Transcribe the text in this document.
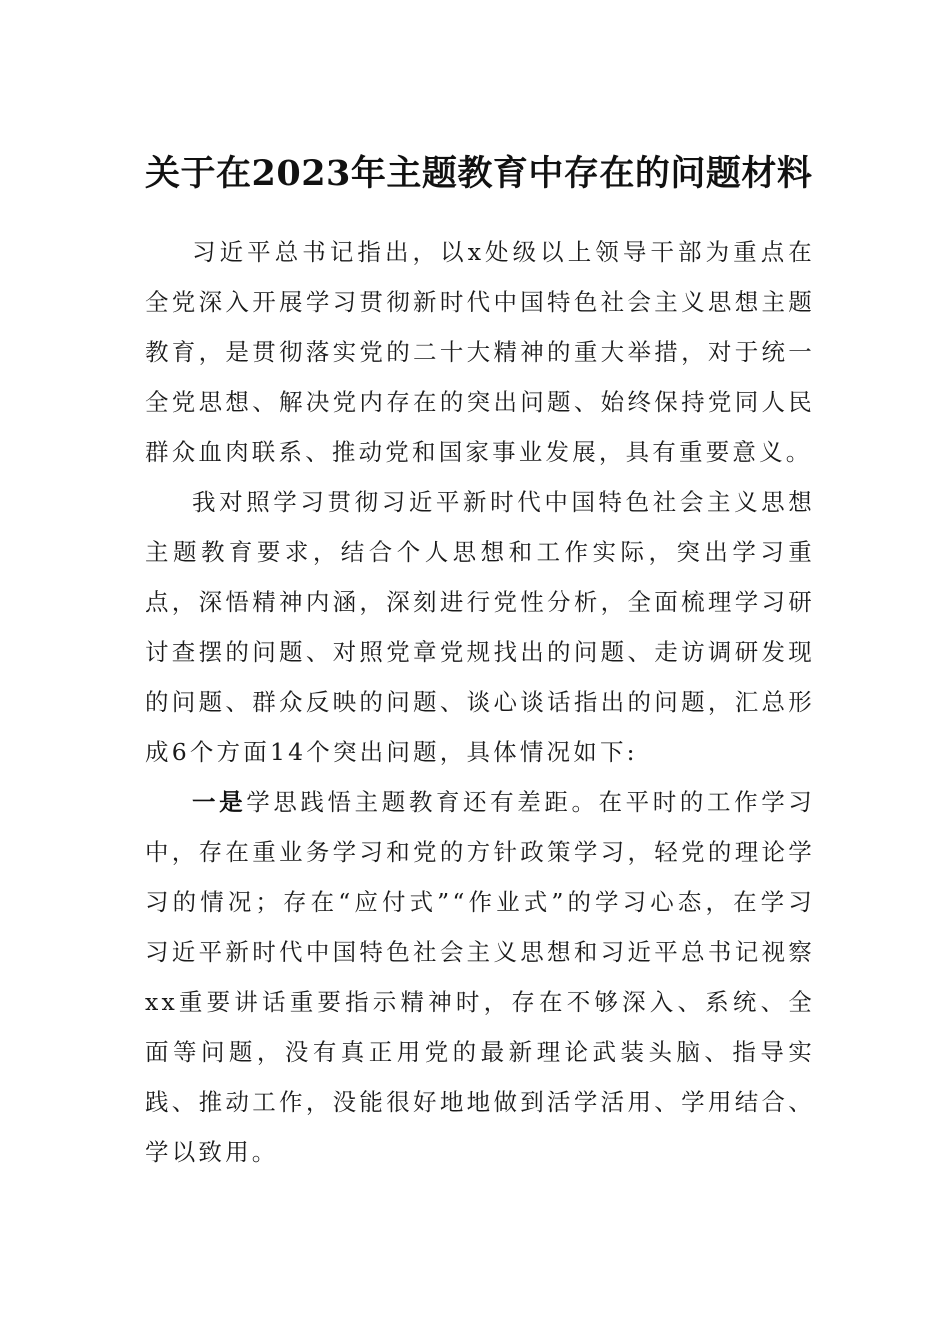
关于在2023年主题教育中存在的问题材料

习近平总书记指出，以x处级以上领导干部为重点在全党深入开展学习贯彻新时代中国特色社会主义思想主题教育，是贯彻落实党的二十大精神的重大举措，对于统一全党思想、解决党内存在的突出问题、始终保持党同人民群众血肉联系、推动党和国家事业发展，具有重要意义。

我对照学习贯彻习近平新时代中国特色社会主义思想主题教育要求，结合个人思想和工作实际，突出学习重点，深悟精神内涵，深刻进行党性分析，全面梳理学习研讨查摆的问题、对照党章党规找出的问题、走访调研发现的问题、群众反映的问题、谈心谈话指出的问题，汇总形成6个方面14个突出问题，具体情况如下:

一是学思践悟主题教育还有差距。在平时的工作学习中，存在重业务学习和党的方针政策学习，轻党的理论学习的情况；存在“应付式”“作业式”的学习心态，在学习习近平新时代中国特色社会主义思想和习近平总书记视察xx重要讲话重要指示精神时，存在不够深入、系统、全面等问题，没有真正用党的最新理论武装头脑、指导实践、推动工作，没能很好地地做到活学活用、学用结合、学以致用。
